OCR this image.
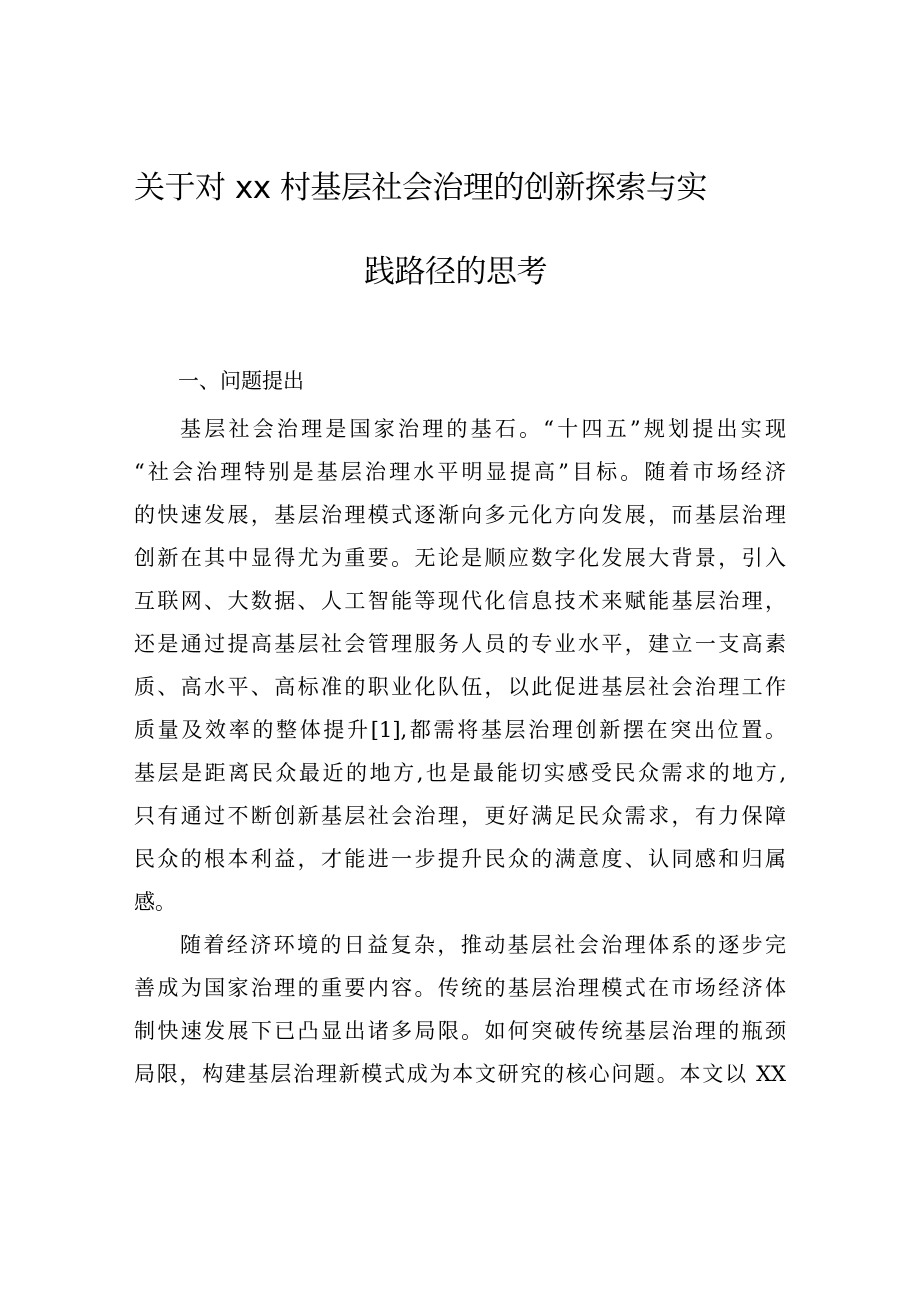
关于对 xx 村基层社会治理的创新探索与实
践路径的思考
一、问题提出
基层社会治理是国家治理的基石。“十四五”规划提出实现
“社会治理特别是基层治理水平明显提高”目标。随着市场经济
的快速发展，基层治理模式逐渐向多元化方向发展，而基层治理
创新在其中显得尤为重要。无论是顺应数字化发展大背景，引入
互联网、大数据、人工智能等现代化信息技术来赋能基层治理，
还是通过提高基层社会管理服务人员的专业水平，建立一支高素
质、高水平、高标准的职业化队伍，以此促进基层社会治理工作
质量及效率的整体提升[1],都需将基层治理创新摆在突出位置。
基层是距离民众最近的地方,也是最能切实感受民众需求的地方,
只有通过不断创新基层社会治理，更好满足民众需求，有力保障
民众的根本利益，才能进一步提升民众的满意度、认同感和归属
感。
随着经济环境的日益复杂，推动基层社会治理体系的逐步完
善成为国家治理的重要内容。传统的基层治理模式在市场经济体
制快速发展下已凸显出诸多局限。如何突破传统基层治理的瓶颈
局限，构建基层治理新模式成为本文研究的核心问题。本文以 XX
